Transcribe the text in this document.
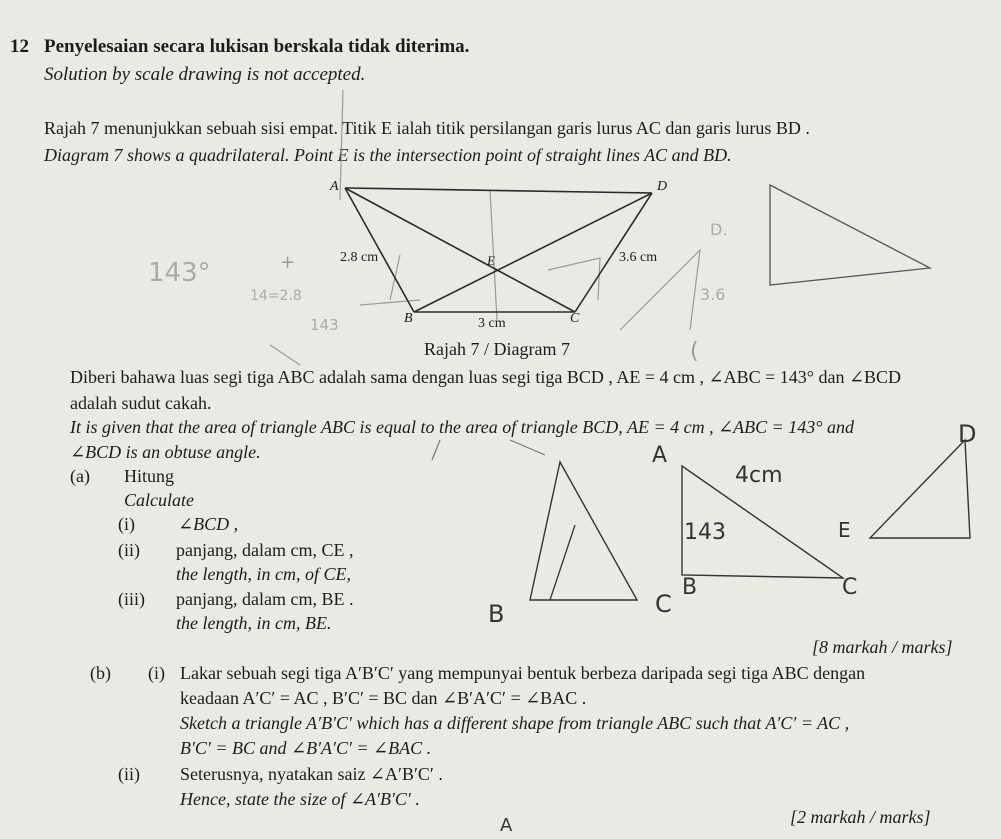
12 Penyelesaian secara lukisan berskala tidak diterima.
Solution by scale drawing is not accepted.
Rajah 7 menunjukkan sebuah sisi empat. Titik E ialah titik persilangan garis lurus AC dan garis lurus BD .
Diagram 7 shows a quadrilateral. Point E is the intersection point of straight lines AC and BD.
(
D.
3.6
+
143
14=2.8
A	D
E
B	C
2.8 cm
3 cm
3.6 cm
Rajah 7 / Diagram 7
Diberi bahawa luas segi tiga ABC adalah sama dengan luas segi tiga BCD , AE = 4 cm , ∠ABC = 143° dan ∠BCD
adalah sudut cakah.
It is given that the area of triangle ABC is equal to the area of triangle BCD, AE = 4 cm , ∠ABC = 143° and
∠BCD is an obtuse angle.
(a) Hitung
Calculate
(i) ∠BCD ,
(ii) panjang, dalam cm, CE ,
the length, in cm, of CE,
(iii) panjang, dalam cm, BE .
the length, in cm, BE.
[8 markah / marks]
(b) (i) Lakar sebuah segi tiga A′B′C′ yang mempunyai bentuk berbeza daripada segi tiga ABC dengan
keadaan A′C′ = AC , B′C′ = BC dan ∠B′A′C′ = ∠BAC .
Sketch a triangle A′B′C′ which has a different shape from triangle ABC such that A′C′ = AC ,
B′C′ = BC and ∠B′A′C′ = ∠BAC .
(ii) Seterusnya, nyatakan saiz ∠A′B′C′ .
Hence, state the size of ∠A′B′C′ .
[2 markah / marks]
143°
4cm
143
A
B	C
C
E
D
B
A
